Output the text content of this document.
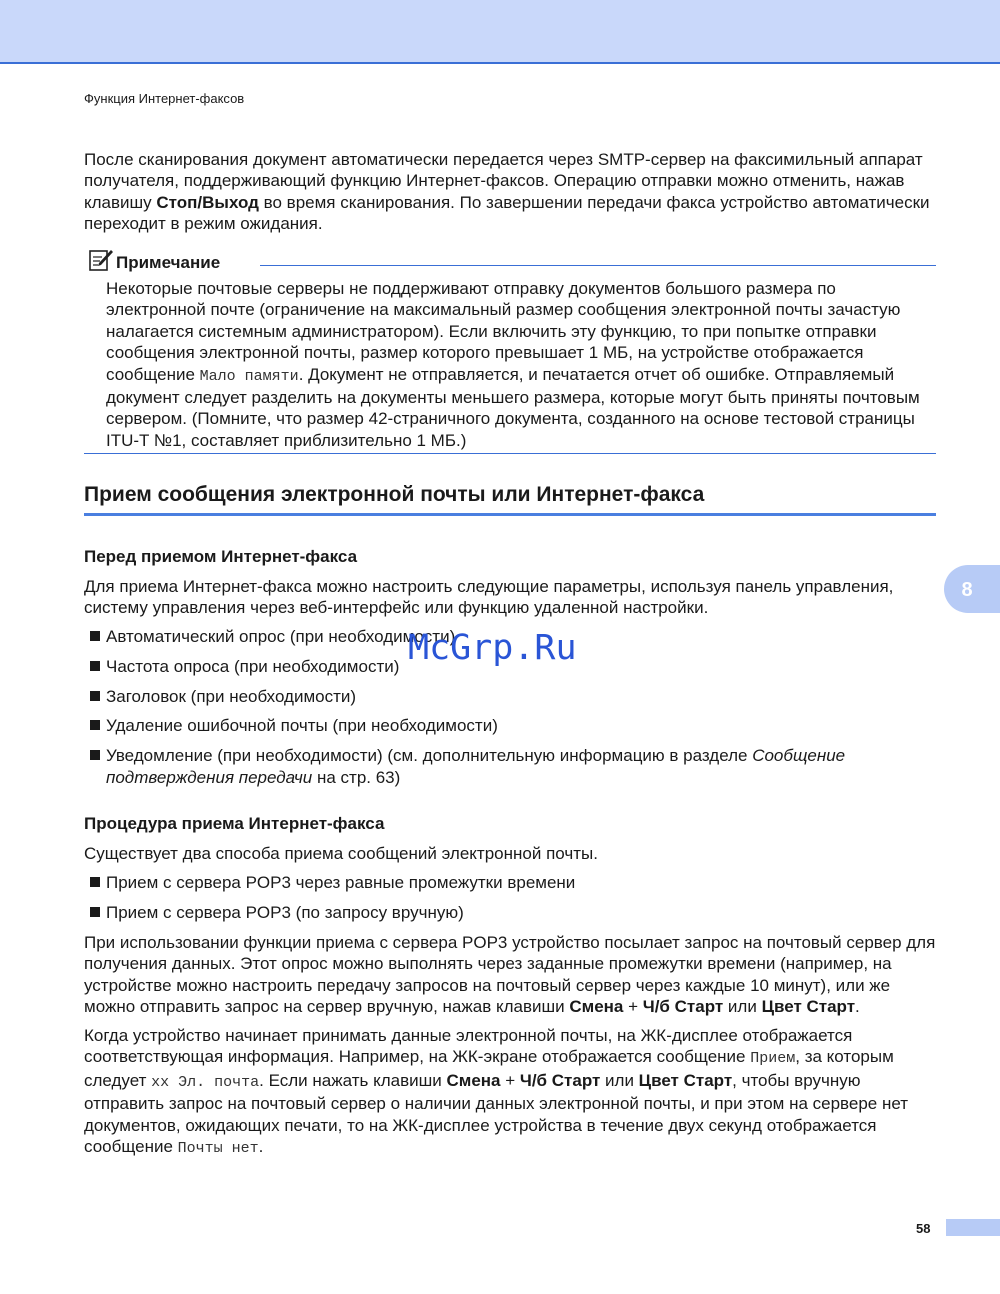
Функция Интернет-факсов

После сканирования документ автоматически передается через SMTP-сервер на факсимильный аппарат получателя, поддерживающий функцию Интернет-факсов. Операцию отправки можно отменить, нажав клавишу Стоп/Выход во время сканирования. По завершении передачи факса устройство автоматически переходит в режим ожидания.

Примечание

Некоторые почтовые серверы не поддерживают отправку документов большого размера по электронной почте (ограничение на максимальный размер сообщения электронной почты зачастую налагается системным администратором). Если включить эту функцию, то при попытке отправки сообщения электронной почты, размер которого превышает 1 МБ, на устройстве отображается сообщение Мало памяти. Документ не отправляется, и печатается отчет об ошибке. Отправляемый документ следует разделить на документы меньшего размера, которые могут быть приняты почтовым сервером. (Помните, что размер 42-страничного документа, созданного на основе тестовой страницы ITU-T №1, составляет приблизительно 1 МБ.)

Прием сообщения электронной почты или Интернет-факса
Перед приемом Интернет-факса

Для приема Интернет-факса можно настроить следующие параметры, используя панель управления, систему управления через веб-интерфейс или функцию удаленной настройки.

Автоматический опрос (при необходимости)
Частота опроса (при необходимости)
Заголовок (при необходимости)
Удаление ошибочной почты (при необходимости)
Уведомление (при необходимости) (см. дополнительную информацию в разделе Сообщение подтверждения передачи на стр. 63)
Процедура приема Интернет-факса

Существует два способа приема сообщений электронной почты.

Прием с сервера POP3 через равные промежутки времени
Прием с сервера POP3 (по запросу вручную)

При использовании функции приема с сервера POP3 устройство посылает запрос на почтовый сервер для получения данных. Этот опрос можно выполнять через заданные промежутки времени (например, на устройстве можно настроить передачу запросов на почтовый сервер через каждые 10 минут), или же можно отправить запрос на сервер вручную, нажав клавиши Смена + Ч/б Старт или Цвет Старт.

Когда устройство начинает принимать данные электронной почты, на ЖК-дисплее отображается соответствующая информация. Например, на ЖК-экране отображается сообщение Прием, за которым следует xx Эл. почта. Если нажать клавиши Смена + Ч/б Старт или Цвет Старт, чтобы вручную отправить запрос на почтовый сервер о наличии данных электронной почты, и при этом на сервере нет документов, ожидающих печати, то на ЖК-дисплее устройства в течение двух секунд отображается сообщение Почты нет.

8
McGrp.Ru
58
